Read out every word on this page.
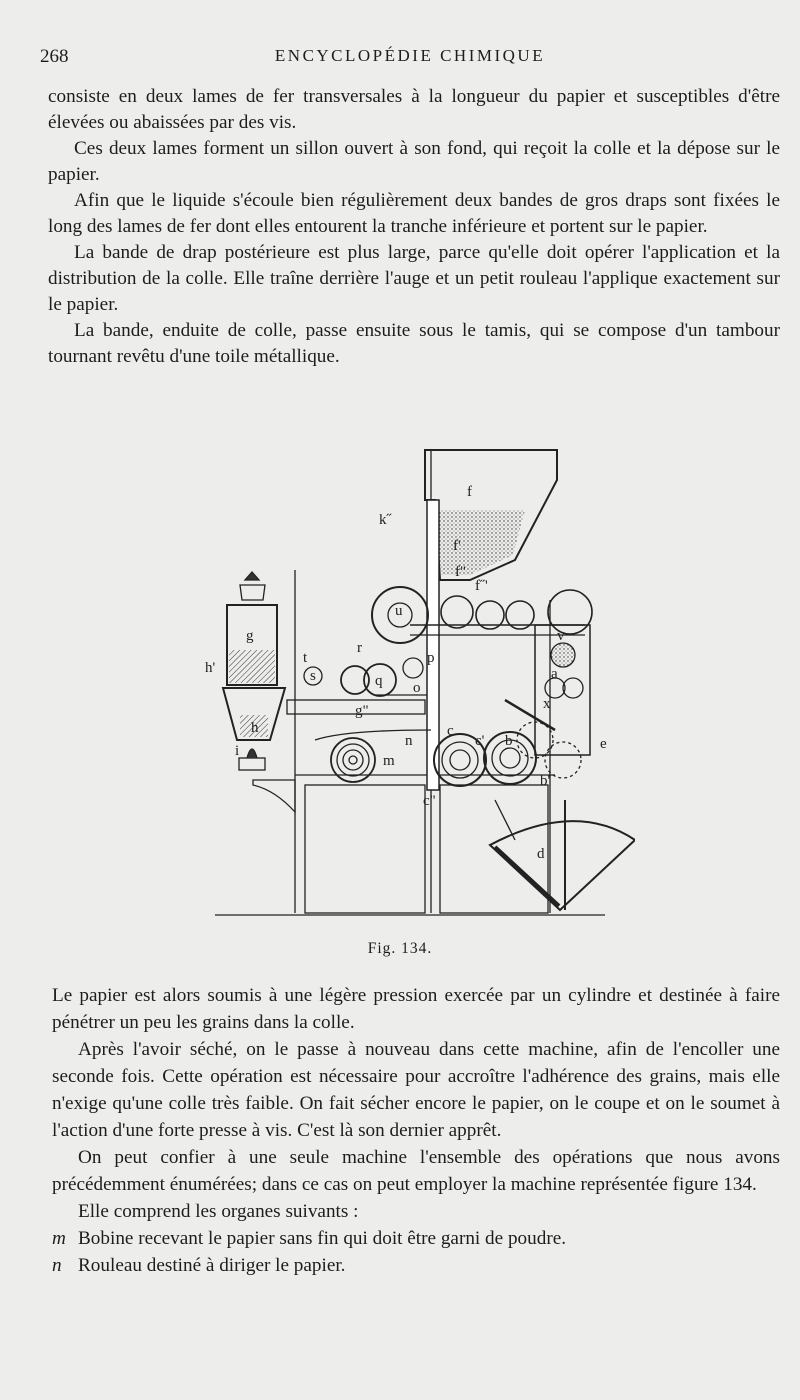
268	ENCYCLOPÉDIE CHIMIQUE

consiste en deux lames de fer transversales à la longueur du papier et susceptibles d'être élevées ou abaissées par des vis.

Ces deux lames forment un sillon ouvert à son fond, qui reçoit la colle et la dépose sur le papier.

Afin que le liquide s'écoule bien régulièrement deux bandes de gros draps sont fixées le long des lames de fer dont elles entourent la tranche inférieure et portent sur le papier.

La bande de drap postérieure est plus large, parce qu'elle doit opérer l'application et la distribution de la colle. Elle traîne derrière l'auge et un petit rouleau l'applique exactement sur le papier.

La bande, enduite de colle, passe ensuite sous le tamis, qui se compose d'un tambour tournant revêtu d'une toile métallique.

f
k˝
f'
f˝'
f"
g
u
r
t
s
h'
q
p
o
g"
h
i
n
m
c
c' b
b'
c"
a
v
x
e
d
Fig. 134.

Le papier est alors soumis à une légère pression exercée par un cylindre et destinée à faire pénétrer un peu les grains dans la colle.

Après l'avoir séché, on le passe à nouveau dans cette machine, afin de l'encoller une seconde fois. Cette opération est nécessaire pour accroître l'adhérence des grains, mais elle n'exige qu'une colle très faible. On fait sécher encore le papier, on le coupe et on le soumet à l'action d'une forte presse à vis. C'est là son dernier apprêt.

On peut confier à une seule machine l'ensemble des opérations que nous avons précédemment énumérées; dans ce cas on peut employer la machine représentée figure 134.

Elle comprend les organes suivants :

m Bobine recevant le papier sans fin qui doit être garni de poudre.

n Rouleau destiné à diriger le papier.
